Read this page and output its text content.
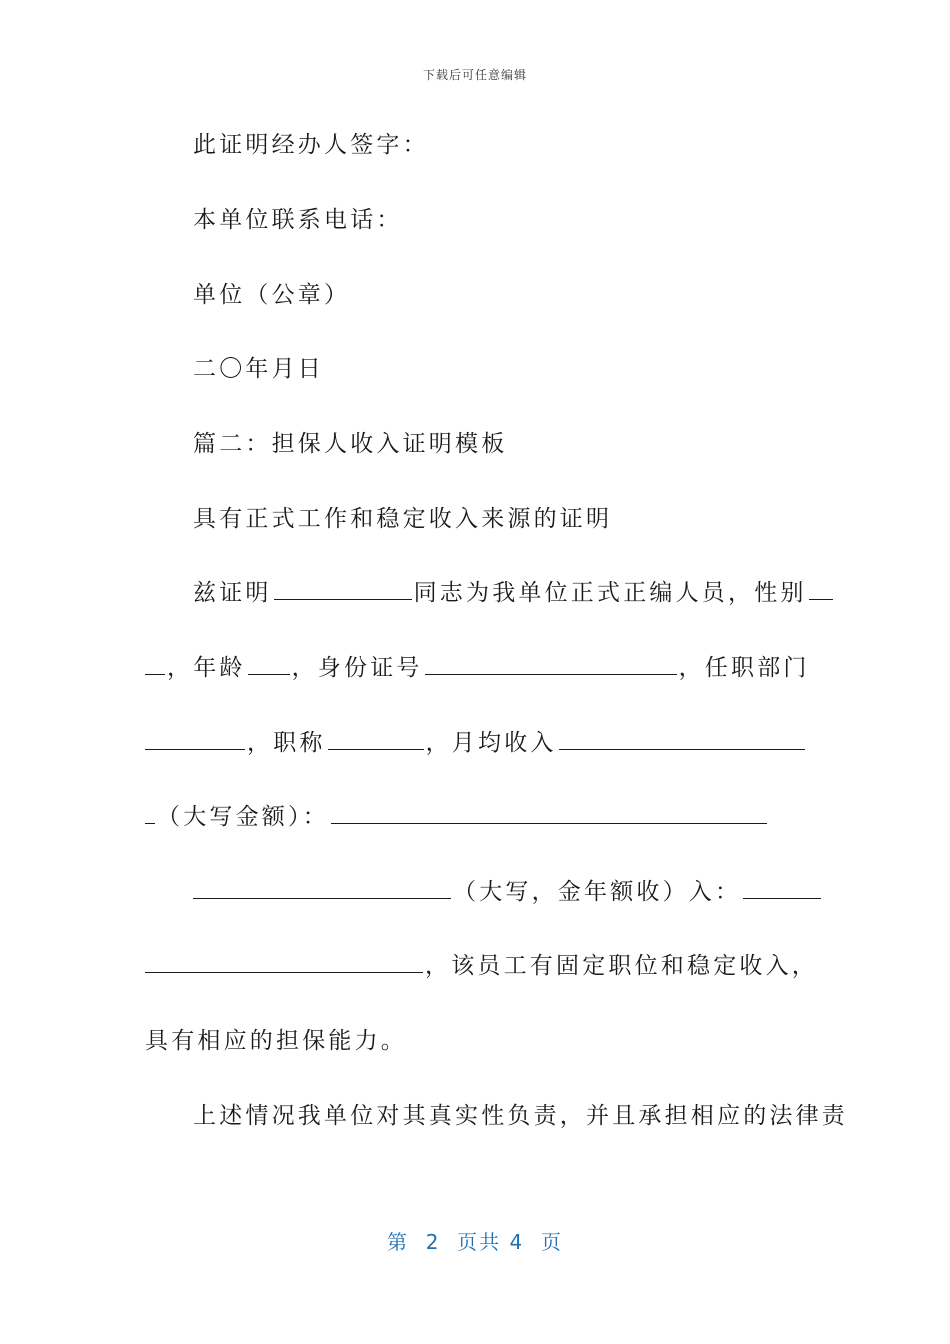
下载后可任意编辑
此证明经办人签字：
本单位联系电话：
单位（公章）
二〇年月日
篇二：担保人收入证明模板
具有正式工作和稳定收入来源的证明
兹证明	同志为我单位正式正编人员，性别
，年龄 ，身份证号	，任职部门
，职称	，月均收入
（大写金额）：
（大写，金年额收）入：
，该员工有固定职位和稳定收入，
具有相应的担保能力。
上述情况我单位对其真实性负责，并且承担相应的法律责
第 2 页共 4 页
